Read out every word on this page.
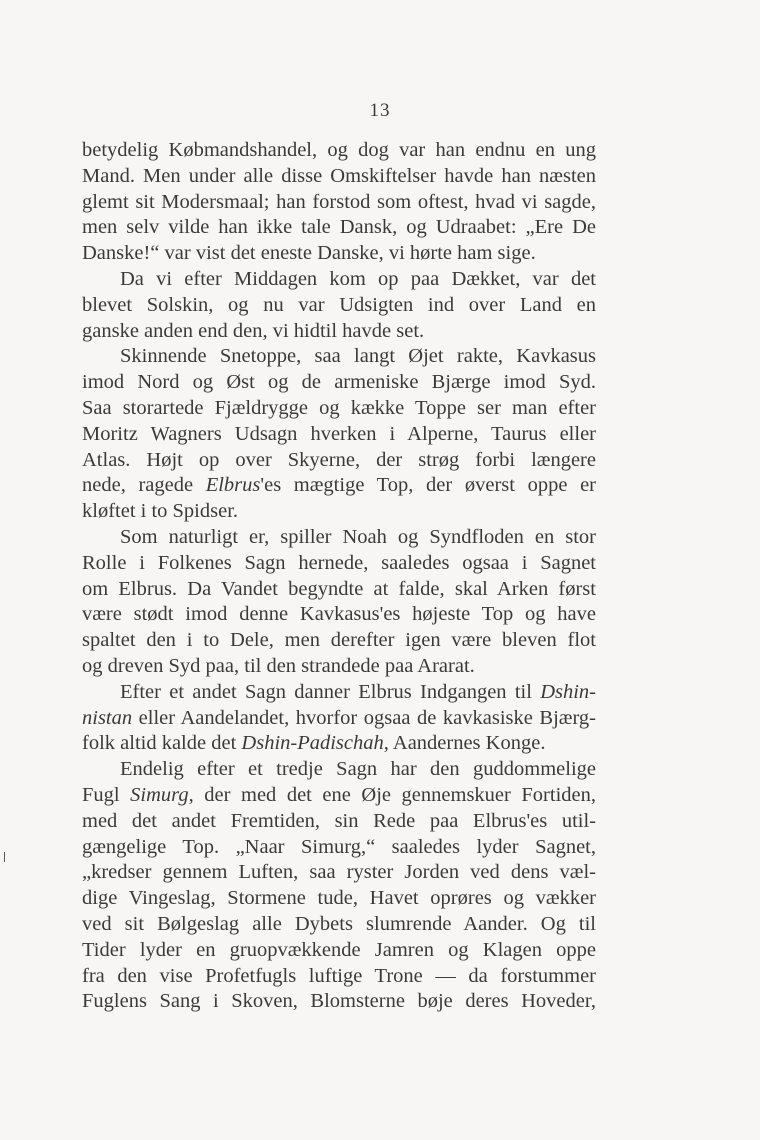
13
betydelig Købmandshandel, og dog var han endnu en ung
Mand. Men under alle disse Omskiftelser havde han næsten
glemt sit Modersmaal; han forstod som oftest, hvad vi sagde,
men selv vilde han ikke tale Dansk, og Udraabet: „Ere De
Danske!“ var vist det eneste Danske, vi hørte ham sige.
Da vi efter Middagen kom op paa Dækket, var det
blevet Solskin, og nu var Udsigten ind over Land en
ganske anden end den, vi hidtil havde set.
Skinnende Snetoppe, saa langt Øjet rakte, Kavkasus
imod Nord og Øst og de armeniske Bjærge imod Syd.
Saa storartede Fjældrygge og kække Toppe ser man efter
Moritz Wagners Udsagn hverken i Alperne, Taurus eller
Atlas. Højt op over Skyerne, der strøg forbi længere
nede, ragede Elbrus'es mægtige Top, der øverst oppe er
kløftet i to Spidser.
Som naturligt er, spiller Noah og Syndfloden en stor
Rolle i Folkenes Sagn hernede, saaledes ogsaa i Sagnet
om Elbrus. Da Vandet begyndte at falde, skal Arken først
være stødt imod denne Kavkasus'es højeste Top og have
spaltet den i to Dele, men derefter igen være bleven flot
og dreven Syd paa, til den strandede paa Ararat.
Efter et andet Sagn danner Elbrus Indgangen til Dshin-
nistan eller Aandelandet, hvorfor ogsaa de kavkasiske Bjærg-
folk altid kalde det Dshin-Padischah, Aandernes Konge.
Endelig efter et tredje Sagn har den guddommelige
Fugl Simurg, der med det ene Øje gennemskuer Fortiden,
med det andet Fremtiden, sin Rede paa Elbrus'es util-
gængelige Top. „Naar Simurg,“ saaledes lyder Sagnet,
„kredser gennem Luften, saa ryster Jorden ved dens væl-
dige Vingeslag, Stormene tude, Havet oprøres og vækker
ved sit Bølgeslag alle Dybets slumrende Aander. Og til
Tider lyder en gruopvækkende Jamren og Klagen oppe
fra den vise Profetfugls luftige Trone — da forstummer
Fuglens Sang i Skoven, Blomsterne bøje deres Hoveder,
